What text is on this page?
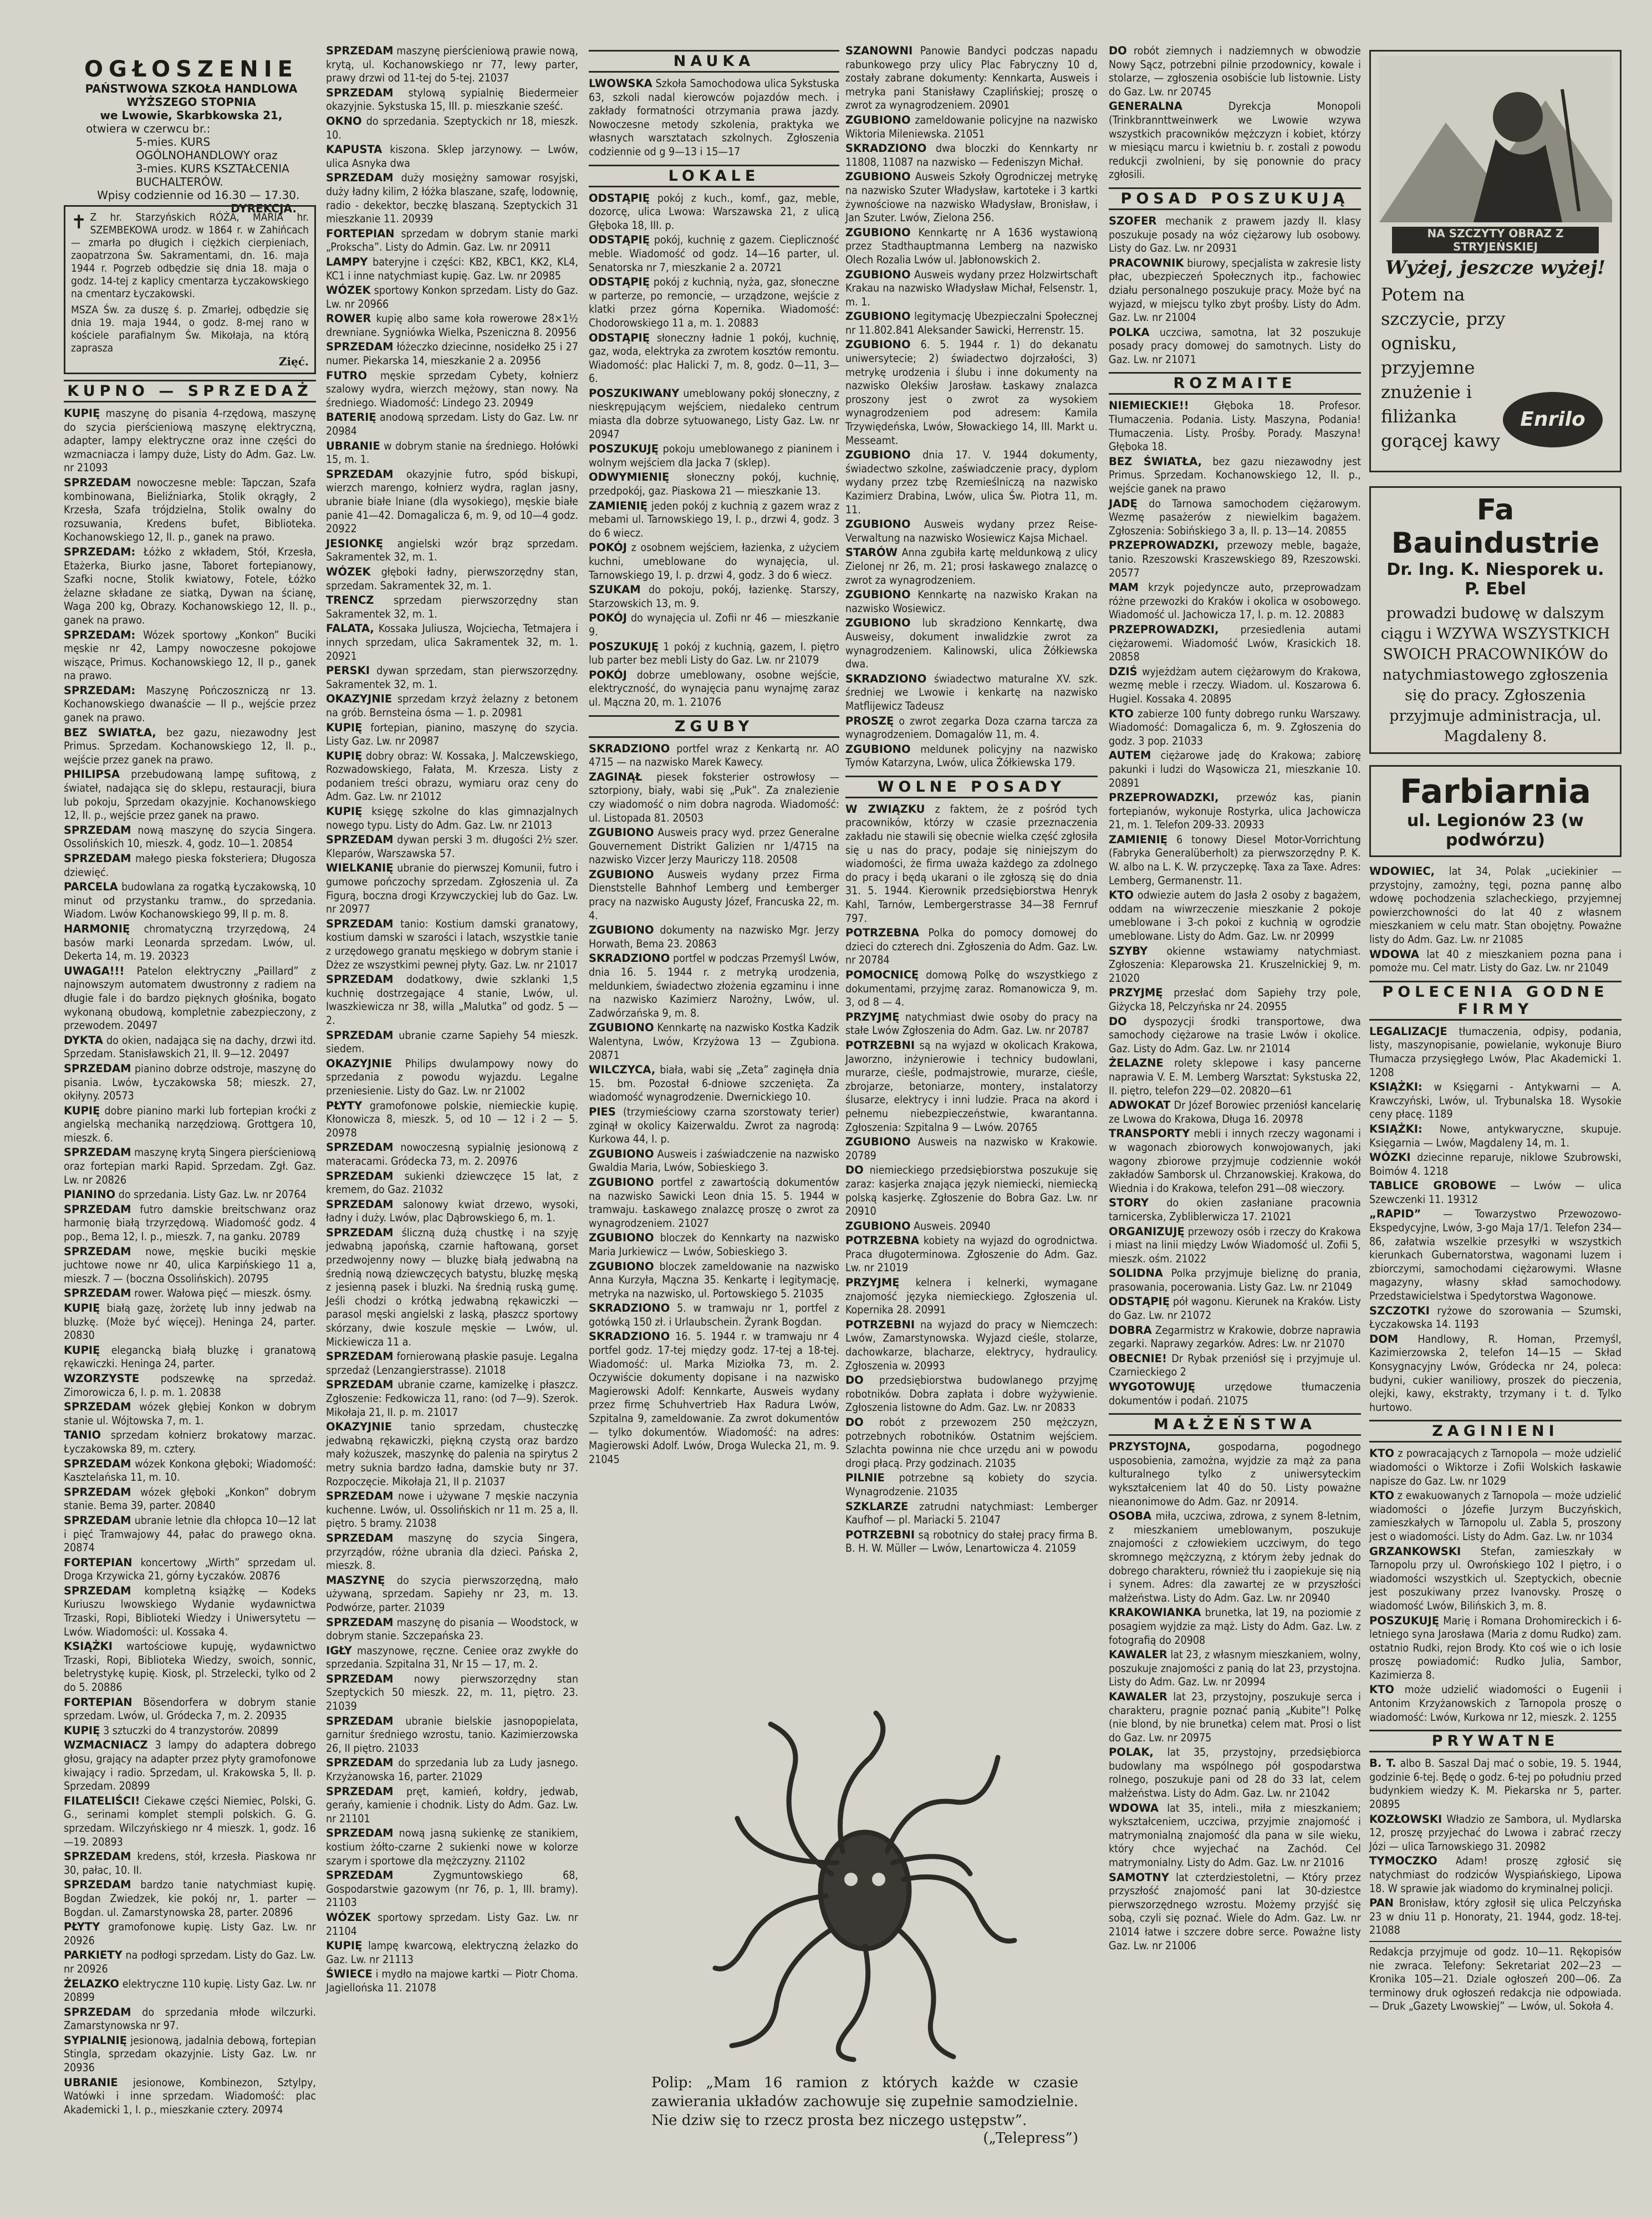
OGŁOSZENIE
PAŃSTWOWA SZKOŁA HANDLOWA WYŻSZEGO STOPNIA
we Lwowie, Skarbkowska 21,
otwiera w czerwcu br.:
5-mies. KURS OGÓLNOHANDLOWY oraz
3-mies. KURS KSZTAŁCENIA BUCHALTERÓW.
Wpisy codziennie od 16.30 — 17.30.
DYREKCJA.
✝ Z hr. Starzyńskich RÓŻA, MARIA hr. SZEMBEKOWA urodz. w 1864 r. w Zahińcach — zmarła po długich i ciężkich cierpieniach, zaopatrzona Św. Sakramentami, dn. 16. maja 1944 r. Pogrzeb odbędzie się dnia 18. maja o godz. 14-tej z kaplicy cmentarza Łyczakowskiego na cmentarz Łyczakowski.

MSZA Św. za duszę ś. p. Zmarłej, odbędzie się dnia 19. maja 1944, o godz. 8-mej rano w kościele parafialnym Św. Mikołaja, na którą zaprasza

Zięć.
KUPNO — SPRZEDAŻ

KUPIĘ maszynę do pisania 4-rzędową, maszynę do szycia pierścieniową maszynę elektryczną, adapter, lampy elektryczne oraz inne części do wzmacniacza i lampy duże, Listy do Adm. Gaz. Lw. nr 21093

SPRZEDAM nowoczesne meble: Tapczan, Szafa kombinowana, Bieliźniarka, Stolik okrągły, 2 Krzesła, Szafa trójdzielna, Stolik owalny do rozsuwania, Kredens bufet, Biblioteka. Kochanowskiego 12, II. p., ganek na prawo.

SPRZEDAM: Łóżko z wkładem, Stół, Krzesła, Etażerka, Biurko jasne, Taboret fortepianowy, Szafki nocne, Stolik kwiatowy, Fotele, Łóżko żelazne składane ze siatką, Dywan na ścianę, Waga 200 kg, Obrazy. Kochanowskiego 12, II. p., ganek na prawo.

SPRZEDAM: Wózek sportowy „Konkon” Buciki męskie nr 42, Lampy nowoczesne pokojowe wiszące, Primus. Kochanowskiego 12, II p., ganek na prawo.

SPRZEDAM: Maszynę Pończoszniczą nr 13. Kochanowskiego dwanaście — II p., wejście przez ganek na prawo.

BEZ SWIATŁA, bez gazu, niezawodny Jest Primus. Sprzedam. Kochanowskiego 12, II. p., wejście przez ganek na prawo.

PHILIPSA przebudowaną lampę sufitową, z świateł, nadająca się do sklepu, restauracji, biura lub pokoju, Sprzedam okazyjnie. Kochanowskiego 12, II. p., wejście przez ganek na prawo.

SPRZEDAM nową maszynę do szycia Singera. Ossolińskich 10, mieszk. 4, godz. 10—1. 20854

SPRZEDAM małego pieska foksteriera; Długosza dziewięć.

PARCELA budowlana za rogatką Łyczakowską, 10 minut od przystanku tramw., do sprzedania. Wiadom. Lwów Kochanowskiego 99, II p. m. 8.

HARMONIĘ chromatyczną trzyrzędową, 24 basów marki Leonarda sprzedam. Lwów, ul. Dekerta 14, m. 19. 20323

UWAGA!!! Patelon elektryczny „Paillard” z najnowszym automatem dwustronny z radiem na długie fale i do bardzo pięknych głośnika, bogato wykonaną obudową, kompletnie zabezpieczony, z przewodem. 20497

DYKTA do okien, nadająca się na dachy, drzwi itd. Sprzedam. Stanisławskich 21, II. 9—12. 20497

SPRZEDAM pianino dobrze odstroje, maszynę do pisania. Lwów, Łyczakowska 58; mieszk. 27, okiłyny. 20573

KUPIĘ dobre pianino marki lub fortepian kroćki z angielską mechaniką narzędziową. Grottgera 10, mieszk. 6.

SPRZEDAM maszynę krytą Singera pierścieniową oraz fortepian marki Rapid. Sprzedam. Zgł. Gaz. Lw. nr 20826

PIANINO do sprzedania. Listy Gaz. Lw. nr 20764

SPRZEDAM futro damskie breitschwanz oraz harmonię białą trzyrzędową. Wiadomość godz. 4 pop., Bema 12, I. p., mieszk. 7, na ganku. 20789

SPRZEDAM nowe, męskie buciki męskie juchtowe nowe nr 40, ulica Karpińskiego 11 a, mieszk. 7 — (boczna Ossolińskich). 20795

SPRZEDAM rower. Wałowa pięć — mieszk. ósmy.

KUPIĘ białą gazę, żorżetę lub inny jedwab na bluzkę. (Może być więcej). Heninga 24, parter. 20830

KUPIĘ elegancką białą bluzkę i granatową rękawiczki. Heninga 24, parter.

WZORZYSTE podszewkę na sprzedaż. Zimorowicza 6, I. p. m. 1. 20838

SPRZEDAM wózek głębiej Konkon w dobrym stanie ul. Wójtowska 7, m. 1.

TANIO sprzedam kołnierz brokatowy marzac. Łyczakowska 89, m. cztery.

SPRZEDAM wózek Konkona głęboki; Wiadomość: Kasztelańska 11, m. 10.

SPRZEDAM wózek głęboki „Konkon” dobrym stanie. Bema 39, parter. 20840

SPRZEDAM ubranie letnie dla chłopca 10—12 lat i pięć Tramwajowy 44, pałac do prawego okna. 20874

FORTEPIAN koncertowy „Wirth” sprzedam ul. Droga Krzywicka 21, górny Łyczaków. 20876

SPRZEDAM kompletną książkę — Kodeks Kuriuszu lwowskiego Wydanie wydawnictwa Trzaski, Ropi, Biblioteki Wiedzy i Uniwersytetu — Lwów. Wiadomości: ul. Kossaka 4.

KSIĄŻKI wartościowe kupuję, wydawnictwo Trzaski, Ropi, Biblioteka Wiedzy, swoich, sonnic, beletrystykę kupię. Kiosk, pl. Strzelecki, tylko od 2 do 5. 20886

FORTEPIAN Bösendorfera w dobrym stanie sprzedam. Lwów, ul. Gródecka 7, m. 2. 20935

KUPIĘ 3 sztuczki do 4 tranzystorów. 20899

WZMACNIACZ 3 lampy do adaptera dobrego głosu, grający na adapter przez płyty gramofonowe kiwający i radio. Sprzedam, ul. Krakowska 5, II. p. Sprzedam. 20899

FILATELIŚCI! Ciekawe części Niemiec, Polski, G. G., serinami komplet stempli polskich. G. G. sprzedam. Wilczyńskiego nr 4 mieszk. 1, godz. 16—19. 20893

SPRZEDAM kredens, stół, krzesła. Piaskowa nr 30, pałac, 10. II.

SPRZEDAM bardzo tanie natychmiast kupię. Bogdan Zwiedzek, kie pokój nr, 1. parter — Bogdan. ul. Zamarstynowska 28, parter. 20896

PŁYTY gramofonowe kupię. Listy Gaz. Lw. nr 20926

PARKIETY na podłogi sprzedam. Listy do Gaz. Lw. nr 20926

ŻELAZKO elektryczne 110 kupię. Listy Gaz. Lw. nr 20899

SPRZEDAM do sprzedania młode wilczurki. Zamarstynowska nr 97.

SYPIALNIĘ jesionową, jadalnia debową, fortepian Stingla, sprzedam okazyjnie. Listy Gaz. Lw. nr 20936

UBRANIE jesionowe, Kombinezon, Sztylpy, Watówki i inne sprzedam. Wiadomość: plac Akademicki 1, I. p., mieszkanie cztery. 20974

SPRZEDAM maszynę pierścieniową prawie nową, krytą, ul. Kochanowskiego nr 77, lewy parter, prawy drzwi od 11-tej do 5-tej. 21037

SPRZEDAM stylową sypialnię Biedermeier okazyjnie. Sykstuska 15, III. p. mieszkanie sześć.

OKNO do sprzedania. Szeptyckich nr 18, mieszk. 10.

KAPUSTA kiszona. Sklep jarzynowy. — Lwów, ulica Asnyka dwa

SPRZEDAM duży mosiężny samowar rosyjski, duży ładny kilim, 2 łóżka blaszane, szafę, lodownię, radio - dekektor, beczkę blaszaną. Szeptyckich 31 mieszkanie 11. 20939

FORTEPIAN sprzedam w dobrym stanie marki „Prokscha”. Listy do Admin. Gaz. Lw. nr 20911

LAMPY bateryjne i części: KB2, KBC1, KK2, KL4, KC1 i inne natychmiast kupię. Gaz. Lw. nr 20985

WÓZEK sportowy Konkon sprzedam. Listy do Gaz. Lw. nr 20966

ROWER kupię albo same koła rowerowe 28×1½ drewniane. Sygniówka Wielka, Pszeniczna 8. 20956

SPRZEDAM łóżeczko dziecinne, nosidełko 25 i 27 numer. Piekarska 14, mieszkanie 2 a. 20956

FUTRO męskie sprzedam Cybety, kołnierz szalowy wydra, wierzch mężowy, stan nowy. Na średniego. Wiadomość: Lindego 23. 20949

BATERIĘ anodową sprzedam. Listy do Gaz. Lw. nr 20984

UBRANIE w dobrym stanie na średniego. Hołówki 15, m. 1.

SPRZEDAM okazyjnie futro, spód biskupi, wierzch marengo, kołnierz wydra, raglan jasny, ubranie białe lniane (dla wysokiego), męskie białe panie 41—42. Domagalicza 6, m. 9, od 10—4 godz. 20922

JESIONKĘ angielski wzór brąz sprzedam. Sakramentek 32, m. 1.

WÓZEK głęboki ładny, pierwszorzędny stan, sprzedam. Sakramentek 32, m. 1.

TRENCZ sprzedam pierwszorzędny stan Sakramentek 32, m. 1.

FALATA, Kossaka Juliusza, Wojciecha, Tetmajera i innych sprzedam, ulica Sakramentek 32, m. 1. 20921

PERSKI dywan sprzedam, stan pierwszorzędny. Sakramentek 32, m. 1.

OKAZYJNIE sprzedam krzyż żelazny z betonem na grób. Bernsteina ósma — 1. p. 20981

KUPIĘ fortepian, pianino, maszynę do szycia. Listy Gaz. Lw. nr 20987

KUPIĘ dobry obraz: W. Kossaka, J. Malczewskiego, Rozwadowskiego, Fałata, M. Krzesza. Listy z podaniem treści obrazu, wymiaru oraz ceny do Adm. Gaz. Lw. nr 21012

KUPIĘ księgę szkolne do klas gimnazjalnych nowego typu. Listy do Adm. Gaz. Lw. nr 21013

SPRZEDAM dywan perski 3 m. długości 2½ szer. Kleparów, Warszawska 57.

WIELKANIĘ ubranie do pierwszej Komunii, futro i gumowe pończochy sprzedam. Zgłoszenia ul. Za Figurą, boczna drogi Krzywczyckiej lub do Gaz. Lw. nr 20977

SPRZEDAM tanio: Kostium damski granatowy, kostium damski w szarości i latach, wszystkie tanie z urzędowego granatu męskiego w dobrym stanie i Dżez ze wszystkimi pewnej płyty. Gaz. Lw. nr 21017

SPRZEDAM dodatkowy, dwie szklanki 1,5 kuchnię dostrzegające 4 stanie, Lwów, ul. Iwaszkiewicza nr 38, willa „Malutka” od godz. 5 — 2.

SPRZEDAM ubranie czarne Sapiehy 54 mieszk. siedem.

OKAZYJNIE Philips dwulampowy nowy do sprzedania z powodu wyjazdu. Legalne przeniesienie. Listy do Gaz. Lw. nr 21002

PŁYTY gramofonowe polskie, niemieckie kupię. Kłonowicza 8, mieszk. 5, od 10 — 12 i 2 — 5. 20978

SPRZEDAM nowoczesną sypialnię jesionową z materacami. Gródecka 73, m. 2. 20976

SPRZEDAM sukienki dziewczęce 15 lat, z kremem, do Gaz. 21032

SPRZEDAM salonowy kwiat drzewo, wysoki, ładny i duży. Lwów, plac Dąbrowskiego 6, m. 1.

SPRZEDAM śliczną dużą chustkę i na szyję jedwabną japońską, czarnie haftowaną, gorset przedwojenny nowy — bluzkę białą jedwabną na średnią nową dziewczęcych batystu, bluzkę męską z jesienną pasek i bluzki. Na średnią ruską gumę. Jeśli chodzi o krótką jedwabną rękawiczki — parasol męski angielski z laską, płaszcz sportowy skórzany, dwie koszule męskie — Lwów, ul. Mickiewicza 11 a.

SPRZEDAM fornierowaną płaskie pasuje. Legalna sprzedaż (Lenzangierstrasse). 21018

SPRZEDAM ubranie czarne, kamizelkę i płaszcz. Zgłoszenie: Fedkowicza 11, rano: (od 7—9). Szerok. Mikołaja 21, II. p. m. 21017

OKAZYJNIE tanio sprzedam, chusteczkę jedwabną rękawiczki, piękną czystą oraz bardzo mały kożuszek, maszynkę do palenia na spirytus 2 metry suknia bardzo ładna, damskie buty nr 37. Rozpoczęcie. Mikołaja 21, II p. 21037

SPRZEDAM nowe i używane 7 męskie naczynia kuchenne. Lwów, ul. Ossolińskich nr 11 m. 25 a, II. piętro. 5 bramy. 21038

SPRZEDAM maszynę do szycia Singera, przyrządów, różne ubrania dla dzieci. Pańska 2, mieszk. 8.

MASZYNĘ do szycia pierwszorzędną, mało używaną, sprzedam. Sapiehy nr 23, m. 13. Podwórze, parter. 21039

SPRZEDAM maszynę do pisania — Woodstock, w dobrym stanie. Szczepańska 23.

IGŁY maszynowe, ręczne. Ceniee oraz zwykłe do sprzedania. Szpitalna 31, Nr 15 — 17, m. 2.

SPRZEDAM nowy pierwszorzędny stan Szeptyckich 50 mieszk. 22, m. 11, piętro. 23. 21039

SPRZEDAM ubranie bielskie jasnopopielata, garnitur średniego wzrostu, tanio. Kazimierzowska 26, II piętro. 21033

SPRZEDAM do sprzedania lub za Ludy jasnego. Krzyżanowska 16, parter. 21029

SPRZEDAM pręt, kamień, kołdry, jedwab, gerańy, kamienie i chodnik. Listy do Adm. Gaz. Lw. nr 21101

SPRZEDAM nową jasną sukienkę ze stanikiem, kostium żółto-czarne 2 sukienki nowe w kolorze szarym i sportowe dla mężczyzny. 21102

SPRZEDAM	Zygmuntowskiego 68, Gospodarstwie gazowym (nr 76, p. 1, III. bramy). 21103

WÓZEK sportowy sprzedam. Listy Gaz. Lw. nr 21104

KUPIĘ lampę kwarcową, elektryczną żelazko do Gaz. Lw. nr 21113

ŚWIECE i mydło na majowe kartki — Piotr Choma. Jagiellońska 11. 21078

NAUKA

LWOWSKA Szkoła Samochodowa ulica Sykstuska 63, szkoli nadal kierowców pojazdów mech. i zakłady formatności otrzymania prawa jazdy. Nowoczesne metody szkolenia, praktyka we własnych warsztatach szkolnych. Zgłoszenia codziennie od g 9—13 i 15—17

LOKALE

ODSTĄPIĘ pokój z kuch., komf., gaz, meble, dozorcę, ulica Lwowa: Warszawska 21, z ulicą Głęboka 18, III. p.

ODSTĄPIĘ pokój, kuchnię z gazem. Ciepliczność meble. Wiadomość od godz. 14—16 parter, ul. Senatorska nr 7, mieszkanie 2 a. 20721

ODSTĄPIĘ pokój z kuchnią, nyża, gaz, słoneczne w parterze, po remoncie, — urządzone, wejście z klatki przez górna Kopernika. Wiadomość: Chodorowskiego 11 a, m. 1. 20883

ODSTĄPIĘ słoneczny ładnie 1 pokój, kuchnię, gaz, woda, elektryka za zwrotem kosztów remontu. Wiadomość: plac Halicki 7, m. 8, godz. 0—11, 3—6.

POSZUKIWANY umeblowany pokój słoneczny, z nieskrępującym wejściem, niedaleko centrum miasta dla dobrze sytuowanego, Listy Gaz. Lw. nr 20947

POSZUKUJĘ pokoju umeblowanego z pianinem i wolnym wejściem dla Jacka 7 (sklep).

ODWYMIENIĘ słoneczny pokój, kuchnię, przedpokój, gaz. Piaskowa 21 — mieszkanie 13.

ZAMIENIĘ jeden pokój z kuchnią z gazem wraz z mebami ul. Tarnowskiego 19, I. p., drzwi 4, godz. 3 do 6 wiecz.

POKÓJ z osobnem wejściem, łazienka, z użyciem kuchni, umeblowane do wynajęcia, ul. Tarnowskiego 19, I. p. drzwi 4, godz. 3 do 6 wiecz.

SZUKAM do pokoju, pokój, łazienkę. Starszy, Starzowskich 13, m. 9.

POKÓJ do wynajęcia ul. Zofii nr 46 — mieszkanie 9.

POSZUKUJĘ 1 pokój z kuchnią, gazem, I. piętro lub parter bez mebli Listy do Gaz. Lw. nr 21079

POKÓJ dobrze umeblowany, osobne wejście, elektryczność, do wynajęcia panu wynajmę zaraz ul. Mączna 20, m. 1. 21076

ZGUBY

SKRADZIONO portfel wraz z Kenkartą nr. AO 4715 — na nazwisko Marek Kawecy.

ZAGINĄŁ piesek foksterier ostrowłosy — sztorpiony, biały, wabi się „Puk”. Za znalezienie czy wiadomość o nim dobra nagroda. Wiadomość: ul. Listopada 81. 20503

ZGUBIONO Ausweis pracy wyd. przez Generalne Gouvernement Distrikt Galizien nr 1/4715 na nazwisko Vizcer Jerzy Mauriczy 118. 20508

ZGUBIONO Ausweis wydany przez Firma Dienststelle Bahnhof Lemberg und Łemberger pracy na nazwisko Augusty Józef, Francuska 22, m. 4.

ZGUBIONO dokumenty na nazwisko Mgr. Jerzy Horwath, Bema 23. 20863

SKRADZIONO portfel w podczas Przemyśl Lwów, dnia 16. 5. 1944 r. z metryką urodzenia, meldunkiem, świadectwo złożenia egzaminu i inne na nazwisko Kazimierz Narożny, Lwów, ul. Zadwórzańska 9, m. 8.

ZGUBIONO Kennkartę na nazwisko Kostka Kadzik Walentyna, Lwów, Krzyżowa 13 — Zgubiona. 20871

WILCZYCA, biała, wabi się „Zeta” zaginęła dnia 15. bm. Pozostał 6-dniowe szczenięta. Za wiadomość wynagrodzenie. Dwernickiego 10.

PIES (trzymieściowy czarna szorstowaty terier) zginął w okolicy Kaizerwaldu. Zwrot za nagrodą: Kurkowa 44, I. p.

ZGUBIONO Ausweis i zaświadczenie na nazwisko Gwaldia Maria, Lwów, Sobieskiego 3.

ZGUBIONO portfel z zawartością dokumentów na nazwisko Sawicki Leon dnia 15. 5. 1944 w tramwaju. Łaskawego znalazcę proszę o zwrot za wynagrodzeniem. 21027

ZGUBIONO bloczek do Kennkarty na nazwisko Maria Jurkiewicz — Lwów, Sobieskiego 3.

ZGUBIONO bloczek zameldowanie na nazwisko Anna Kurzyła, Mączna 35. Kenkartę i legitymację, metryka na nazwisko, ul. Portowskiego 5. 21035

SKRADZIONO 5. w tramwaju nr 1, portfel z gotówką 150 zł. i Urlaubschein. Żyrank Bogdan.

SKRADZIONO 16. 5. 1944 r. w tramwaju nr 4 portfel godz. 17-tej między godz. 17-tej a 18-tej. Wiadomość: ul. Marka Miziołka 73, m. 2. Oczywiście dokumenty dopisane i na nazwisko Magierowski Adolf: Kennkarte, Ausweis wydany przez firmę Schuhvertrieb Hax Radura Lwów, Szpitalna 9, zameldowanie. Za zwrot dokumentów — tylko dokumentów. Wiadomość: na adres: Magierowski Adolf. Lwów, Droga Wulecka 21, m. 9. 21045

SZANOWNI Panowie Bandyci podczas napadu rabunkowego przy ulicy Plac Fabryczny 10 d, zostały zabrane dokumenty: Kennkarta, Ausweis i metryka pani Stanisławy Czaplińskiej; proszę o zwrot za wynagrodzeniem. 20901

ZGUBIONO zameldowanie policyjne na nazwisko Wiktoria Mileniewska. 21051

SKRADZIONO dwa bloczki do Kennkarty nr 11808, 11087 na nazwisko — Fedeniszyn Michał.

ZGUBIONO Ausweis Szkoły Ogrodniczej metrykę na nazwisko Szuter Władysław, kartoteke i 3 kartki żywnościowe na nazwisko Władysław, Bronisław, i Jan Szuter. Lwów, Zielona 256.

ZGUBIONO Kennkartę nr A 1636 wystawioną przez Stadthauptmanna Lemberg na nazwisko Olech Rozalia Lwów ul. Jabłonowskich 2.

ZGUBIONO Ausweis wydany przez Holzwirtschaft Krakau na nazwisko Władysław Michał, Felsenstr. 1, m. 1.

ZGUBIONO legitymację Ubezpieczalni Społecznej nr 11.802.841 Aleksander Sawicki, Herrenstr. 15.

ZGUBIONO 6. 5. 1944 r. 1) do dekanatu uniwersytecie; 2) świadectwo dojrzałości, 3) metrykę urodzenia i ślubu i inne dokumenty na nazwisko Olekśiw Jarosław. Łaskawy znalazca proszony jest o zwrot za wysokiem wynagrodzeniem pod adresem: Kamila Trzywiędeńska, Lwów, Słowackiego 14, III. Markt u. Messeamt.

ZGUBIONO dnia 17. V. 1944 dokumenty, świadectwo szkolne, zaświadczenie pracy, dyplom wydany przez tzbę Rzemieślniczą na nazwisko Kazimierz Drabina, Lwów, ulica Św. Piotra 11, m. 11.

ZGUBIONO Ausweis wydany przez Reise-Verwaltung na nazwisko Wosiewicz Kajsa Michael.

STARÓW Anna zgubiła kartę meldunkową z ulicy Zielonej nr 26, m. 21; prosi łaskawego znalazcę o zwrot za wynagrodzeniem.

ZGUBIONO Kennkartę na nazwisko Krakan na nazwisko Wosiewicz.

ZGUBIONO lub skradziono Kennkartę, dwa Ausweisy, dokument inwalidzkie zwrot za wynagrodzeniem. Kalinowski, ulica Żółkiewska dwa.

SKRADZIONO świadectwo maturalne XV. szk. średniej we Lwowie i kenkartę na nazwisko Matflijewicz Tadeusz

PROSZĘ o zwrot zegarka Doza czarna tarcza za wynagrodzeniem. Domagalów 11, m. 4.

ZGUBIONO meldunek policyjny na nazwisko Tymów Katarzyna, Lwów, ulica Żółkiewska 179.

WOLNE POSADY

W ZWIĄZKU z faktem, że z pośród tych pracowników, którzy w czasie przeznaczenia zakładu nie stawili się obecnie wielka część zgłosiła się u nas do pracy, podaje się niniejszym do wiadomości, że firma uważa każdego za zdolnego do pracy i będą ukarani o ile zgłoszą się do dnia 31. 5. 1944. Kierownik przedsiębiorstwa Henryk Kahl, Tarnów, Lembergerstrasse 34—38 Fernruf 797.

POTRZEBNA Polka do pomocy domowej do dzieci do czterech dni. Zgłoszenia do Adm. Gaz. Lw. nr 20784

POMOCNICĘ domową Polkę do wszystkiego z dokumentami, przyjmę zaraz. Romanowicza 9, m. 3, od 8 — 4.

PRZYJMĘ natychmiast dwie osoby do pracy na stałe Lwów Zgłoszenia do Adm. Gaz. Lw. nr 20787

POTRZEBNI są na wyjazd w okolicach Krakowa, Jaworzno, inżynierowie i technicy budowlani, murarze, cieśle, podmajstrowie, murarze, cieśle, zbrojarze, betoniarze, montery, instalatorzy ślusarze, elektrycy i inni ludzie. Praca na akord i pełnemu niebezpieczeństwie, kwarantanna. Zgłoszenia: Szpitalna 9 — Lwów. 20765

ZGUBIONO Ausweis na nazwisko w Krakowie. 20789

DO niemieckiego przedsiębiorstwa poszukuje się zaraz: kasjerka znająca język niemiecki, niemiecką polską kasjerkę. Zgłoszenie do Bobra Gaz. Lw. nr 20910

ZGUBIONO Ausweis. 20940

POTRZEBNA kobiety na wyjazd do ogrodnictwa. Praca długoterminowa. Zgłoszenie do Adm. Gaz. Lw. nr 21019

PRZYJMĘ kelnera i kelnerki, wymagane znajomość języka niemieckiego. Zgłoszenia ul. Kopernika 28. 20991

POTRZEBNI na wyjazd do pracy w Niemczech: Lwów, Zamarstynowska. Wyjazd cieśle, stolarze, dachowkarze, blacharze, elektrycy, hydraulicy. Zgłoszenia w. 20993

DO przedsiębiorstwa budowlanego przyjmę robotników. Dobra zapłata i dobre wyżywienie. Zgłoszenia listowne do Adm. Gaz. Lw. nr 20833

DO robót z przewozem 250 mężczyzn, potrzebnych robotników. Ostatnim wejściem. Szlachta powinna nie chce urzędu ani w powodu drogi płacą. Przy godzinach. 21035

PILNIE potrzebne są kobiety do szycia. Wynagrodzenie. 21035

SZKLARZE zatrudni natychmiast: Lemberger Kaufhof — pl. Mariacki 5. 21047

POTRZEBNI są robotnicy do stałej pracy firma B. B. H. W. Müller — Lwów, Lenartowicza 4. 21059

DO robót ziemnych i nadziemnych w obwodzie Nowy Sącz, potrzebni pilnie przodownicy, kowale i stolarze, — zgłoszenia osobiście lub listownie. Listy do Gaz. Lw. nr 20745

GENERALNA	Dyrekcja Monopoli (Trinkbrannttweinwerk we Lwowie wzywa wszystkich pracowników mężczyzn i kobiet, którzy w miesiącu marcu i kwietniu b. r. zostali z powodu redukcji zwolnieni, by się ponownie do pracy zgłosili.

POSAD POSZUKUJĄ

SZOFER mechanik z prawem jazdy II. klasy poszukuje posady na wóz ciężarowy lub osobowy. Listy do Gaz. Lw. nr 20931

PRACOWNIK biurowy, specjalista w zakresie listy płac, ubezpieczeń Społecznych itp., fachowiec działu personalnego poszukuje pracy. Może być na wyjazd, w miejscu tylko zbyt prośby. Listy do Adm. Gaz. Lw. nr 21004

POLKA uczciwa, samotna, lat 32 poszukuje posady pracy domowej do samotnych. Listy do Gaz. Lw. nr 21071

ROZMAITE

NIEMIECKIE!! Głęboka 18. Profesor. Tłumaczenia. Podania. Listy. Maszyna, Podania! Tłumaczenia. Listy. Prośby. Porady. Maszyna! Głęboka 18.

BEZ ŚWIATŁA, bez gazu niezawodny jest Primus. Sprzedam. Kochanowskiego 12, II. p., wejście ganek na prawo

JADĘ do Tarnowa samochodem ciężarowym. Wezmę pasażerów z niewielkim bagażem. Zgłoszenia: Sobińskiego 3 a, II. p. 13—14. 20855

PRZEPROWADZKI, przewozy meble, bagaże, tanio. Rzeszowski Kraszewskiego 89, Rzeszowski. 20577

MAM krzyk pojedyncze auto, przeprowadzam różne przewozki do Kraków i okolica w osobowego. Wiadomość ul. Jachowicza 17, I. p. m. 12. 20883

PRZEPROWADZKI, przesiedlenia autami ciężarowemi. Wiadomość Lwów, Krasickich 18. 20858

DZIŚ wyjeżdżam autem ciężarowym do Krakowa, wezmę meble i rzeczy. Wiadom. ul. Koszarowa 6. Hugiel. Kossaka 4. 20895

KTO zabierze 100 funty dobrego runku Warszawy. Wiadomość: Domagalicza 6, m. 9. Zgłoszenia do godz. 3 pop. 21033

AUTEM ciężarowe jadę do Krakowa; zabiorę pakunki i ludzi do Wąsowicza 21, mieszkanie 10. 20891

PRZEPROWADZKI, przewóz kas, pianin fortepianów, wykonuje Rostyrka, ulica Jachowicza 21, m. 1. Telefon 209-33. 20933

ZAMIENIĘ 6 tonowy Diesel Motor-Vorrichtung (Fabryka Generalüberholt) za pierwszorzędny P. K. W. albo na L. K. W. przyczepkę. Taxa za Taxe. Adres: Lemberg, Germanenstr. 11.

KTO odwiezie autem do Jasła 2 osoby z bagażem, oddam na wiwrzeczenie mieszkanie 2 pokoje umeblowane i 3-ch pokoi z kuchnią w ogrodzie umeblowane. Listy do Adm. Gaz. Lw. nr 20999

SZYBY okienne wstawiamy natychmiast. Zgłoszenia: Kleparowska 21. Kruszelnickiej 9, m. 21020

PRZYJMĘ przesłać dom Sapiehy trzy pole, Giżycka 18, Pelczyńska nr 24. 20955

DO dyspozycji środki transportowe, dwa samochody ciężarowe na trasie Lwów i okolice. Gaz. Listy do Adm. Gaz. Lw. nr 21014

ŻELAZNE rolety sklepowe i kasy pancerne naprawia V. E. M. Lemberg Warsztat: Sykstuska 22, II. piętro, telefon 229—02. 20820—61

ADWOKAT Dr Józef Borowiec przeniósł kancelarię ze Lwowa do Krakowa, Długa 16. 20978

TRANSPORTY mebli i innych rzeczy wagonami i w wagonach zbiorowych konwojowanych, jaki wagony zbiorowe przyjmuje codziennie wokół zakładów Samborsk ul. Chrzanowskiej. Krakowa, do Wiednia i do Krakowa, telefon 291—08 wieczory.

STORY do okien zasłaniane pracownia tarnicerska, Zybliblerwicza 17. 21021

ORGANIZUJĘ przewozy osób i rzeczy do Krakowa i miast na linii między Lwów Wiadomość ul. Zofii 5, mieszk. ośm. 21022

SOLIDNA Polka przyjmuje bieliznę do prania, prasowania, pocerowania. Listy Gaz. Lw. nr 21049

ODSTĄPIĘ pół wagonu. Kierunek na Kraków. Listy do Gaz. Lw. nr 21072

DOBRA Zegarmistrz w Krakowie, dobrze naprawia zegarki. Naprawy zegarków. Adres: Lw. nr 21070

OBECNIE! Dr Rybak przeniósł się i przyjmuje ul. Czarnieckiego 2

WYGOTOWUJĘ	urzędowe tłumaczenia dokumentów i podań. 21075

MAŁŻEŃSTWA

PRZYSTOJNA,	gospodarna, pogodnego usposobienia, zamożna, wyjdzie za mąż za pana kulturalnego tylko z uniwersyteckim wykształceniem lat 40 do 50. Listy poważne nieanonimowe do Adm. Gaz. nr 20914.

OSOBA miła, uczciwa, zdrowa, z synem 8-letnim, z mieszkaniem umeblowanym, poszukuje znajomości z człowiekiem uczciwym, do tego skromnego mężczyzną, z którym żeby jednak do dobrego charakteru, również tłu i zaopiekuje się nią i synem. Adres: dla zawartej ze w przyszłości małżeństwa. Listy do Adm. Gaz. Lw. nr 20940

KRAKOWIANKA brunetka, lat 19, na poziomie z posagiem wyjdzie za mąż. Listy do Adm. Gaz. Lw. z fotografią do 20908

KAWALER lat 23, z własnym mieszkaniem, wolny, poszukuje znajomości z panią do lat 23, przystojna. Listy do Adm. Gaz. Lw. nr 20994

KAWALER lat 23, przystojny, poszukuje serca i charakteru, pragnie poznać panią „Kubite”! Polkę (nie blond, by nie brunetka) celem mat. Prosi o list do Gaz. Lw. nr 20975

POLAK, lat 35, przystojny, przedsiębiorca budowlany ma wspólnego pół gospodarstwa rolnego, poszukuje pani od 28 do 33 lat, celem małżeństwa. Listy do Adm. Gaz. Lw. nr 21042

WDOWA lat 35, inteli., miła z mieszkaniem; wykształceniem, uczciwa, przyjmie znajomość i matrymonialną znajomość dla pana w sile wieku, który chce wyjechać na Zachód. Cel matrymonialny. Listy do Adm. Gaz. Lw. nr 21016

SAMOTNY lat czterdziestoletni, — Który przez przyszłość znajomość pani lat 30-dziestce pierwszorzędnego wzrostu. Możemy przyjść się sobą, czyli się poznać. Wiele do Adm. Gaz. Lw. nr 21014 łatwe i szczere dobre serce. Poważne listy Gaz. Lw. nr 21006

NA SZCZYTY OBRAZ Z STRYJEŃSKIEJ
Wyżej, jeszcze wyżej!
Potem na szczycie, przy ognisku, przyjemne znużenie i filiżanka gorącej kawy
Enrilo
Fa Bauindustrie
Dr. Ing. K. Niesporek u. P. Ebel

prowadzi budowę w dalszym ciągu i WZYWA WSZYSTKICH SWOICH PRACOWNIKÓW do natychmiastowego zgłoszenia się do pracy. Zgłoszenia przyjmuje administracja, ul. Magdaleny 8.

Farbiarnia
ul. Legionów 23 (w podwórzu)

WDOWIEC, lat 34, Polak „uciekinier — przystojny, zamożny, tęgi, pozna pannę albo wdowę pochodzenia szlacheckiego, przyjemnej powierzchowności do lat 40 z własnem mieszkaniem w celu matr. Stan obojętny. Poważne listy do Adm. Gaz. Lw. nr 21085

WDOWA lat 40 z mieszkaniem pozna pana i pomoże mu. Cel matr. Listy do Gaz. Lw. nr 21049

POLECENIA GODNE FIRMY

LEGALIZACJE tłumaczenia, odpisy, podania, listy, maszynopisanie, powielanie, wykonuje Biuro Tłumacza przysięgłego Lwów, Plac Akademicki 1. 1208

KSIĄŻKI: w Księgarni - Antykwarni — A. Krawczyński, Lwów, ul. Trybunalska 18. Wysokie ceny płacę. 1189

KSIĄŻKI: Nowe, antykwaryczne, skupuje. Księgarnia — Lwów, Magdaleny 14, m. 1.

WÓZKI dziecinne reparuje, niklowe Szubrowski, Boimów 4. 1218

TABLICE GROBOWE — Lwów — ulica Szewczenki 11. 19312

„RAPID” — Towarzystwo Przewozowo-Ekspedycyjne, Lwów, 3-go Maja 17/1. Telefon 234—86, załatwia wszelkie przesyłki w wszystkich kierunkach Gubernatorstwa, wagonami luzem i zbiorczymi, samochodami ciężarowymi. Własne magazyny, własny skład samochodowy. Przedstawicielstwa i Spedytorstwa Wagonowe.

SZCZOTKI ryżowe do szorowania — Szumski, Łyczakowska 14. 1193

DOM Handlowy, R. Homan, Przemyśl, Kazimierzowska 2, telefon 14—15 — Skład Konsygnacyjny Lwów, Gródecka nr 24, poleca: budyni, cukier waniliowy, proszek do pieczenia, olejki, kawy, ekstrakty, trzymany i t. d. Tylko hurtowo.

ZAGINIENI

KTO z powracających z Tarnopola — może udzielić wiadomości o Wiktorze i Zofii Wolskich łaskawie napisze do Gaz. Lw. nr 1029

KTO z ewakuowanych z Tarnopola — może udzielić wiadomości o Józefie Jurzym Buczyńskich, zamieszkałych w Tarnopolu ul. Zabla 5, proszony jest o wiadomości. Listy do Adm. Gaz. Lw. nr 1034

GRZANKOWSKI Stefan, zamieszkały w Tarnopolu przy ul. Owrońskiego 102 I piętro, i o wiadomości wszystkich ul. Szeptyckich, obecnie jest poszukiwany przez Ivanovsky. Proszę o wiadomość Lwów, Bilińskich 3, m. 8.

POSZUKUJĘ Marię i Romana Drohomireckich i 6-letniego syna Jarosława (Maria z domu Rudko) zam. ostatnio Rudki, rejon Brody. Kto coś wie o ich losie proszę powiadomić: Rudko Julia, Sambor, Kazimierza 8.

KTO może udzielić wiadomości o Eugenii i Antonim Krzyżanowskich z Tarnopola proszę o wiadomość: Lwów, Kurkowa nr 12, mieszk. 2. 1255

PRYWATNE

B. T. albo B. Saszal Daj mać o sobie, 19. 5. 1944, godzinie 6-tej. Będę o godz. 6-tej po południu przed budynkiem wiedzy K. M. Piekarska nr 5, parter. 20895

KOZŁOWSKI Władzio ze Sambora, ul. Mydlarska 12, proszę przyjechać do Lwowa i zabrać rzeczy Józi — ulica Tarnowskiego 31. 20982

TYMOCZKO Adam! proszę zgłosić się natychmiast do rodziców Wyspiańskiego, Lipowa 18. W sprawie jak wiadomo do kryminalnej policji.

PAN Bronisław, który zgłosił się ulica Pelczyńska 23 w dniu 11 p. Honoraty, 21. 1944, godz. 18-tej. 21088

Redakcja przyjmuje od godz. 10—11. Rękopisów nie zwraca. Telefony: Sekretariat 202—23 — Kronika 105—21. Dziale ogłoszeń 200—06. Za terminowy druk ogłoszeń redakcja nie odpowiada. — Druk „Gazety Lwowskiej” — Lwów, ul. Sokoła 4.

Polip: „Mam 16 ramion z których każde w czasie zawierania układów zachowuje się zupełnie samodzielnie. Nie dziw się to rzecz prosta bez niczego ustępstw”.

(„Telepress”)
